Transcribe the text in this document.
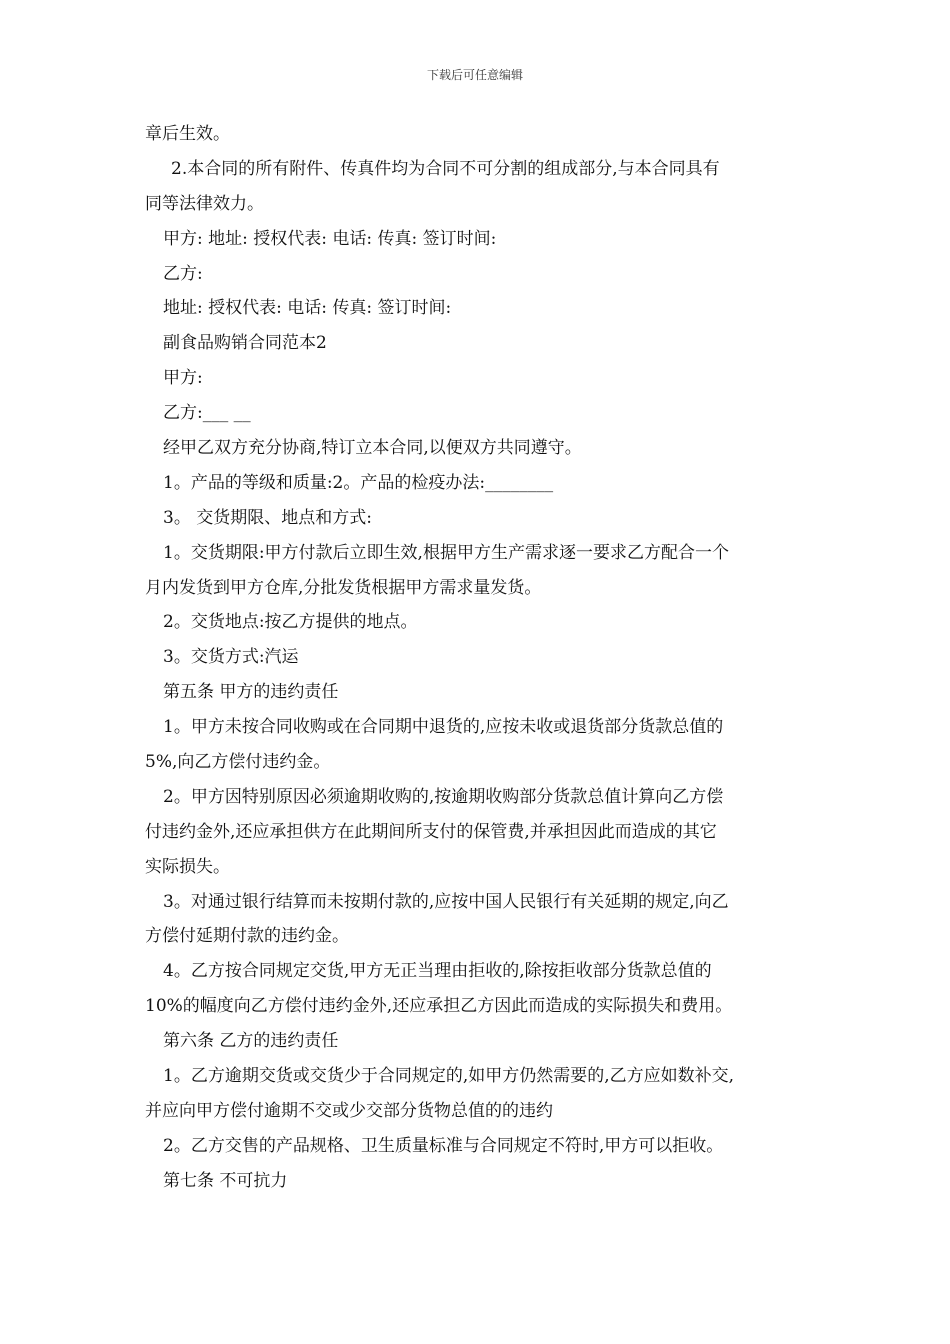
下载后可任意编辑
章后生效。
2.本合同的所有附件、传真件均为合同不可分割的组成部分,与本合同具有
同等法律效力。
甲方: 地址: 授权代表: 电话: 传真: 签订时间:
乙方:
地址: 授权代表: 电话: 传真: 签订时间:
副食品购销合同范本2
甲方:
乙方:___ __
经甲乙双方充分协商,特订立本合同,以便双方共同遵守。
1。产品的等级和质量:2。产品的检疫办法:________
3。 交货期限、地点和方式:
1。交货期限:甲方付款后立即生效,根据甲方生产需求逐一要求乙方配合一个
月内发货到甲方仓库,分批发货根据甲方需求量发货。
2。交货地点:按乙方提供的地点。
3。交货方式:汽运
第五条 甲方的违约责任
1。甲方未按合同收购或在合同期中退货的,应按未收或退货部分货款总值的
5%,向乙方偿付违约金。
2。甲方因特别原因必须逾期收购的,按逾期收购部分货款总值计算向乙方偿
付违约金外,还应承担供方在此期间所支付的保管费,并承担因此而造成的其它
实际损失。
3。对通过银行结算而未按期付款的,应按中国人民银行有关延期的规定,向乙
方偿付延期付款的违约金。
4。乙方按合同规定交货,甲方无正当理由拒收的,除按拒收部分货款总值的
10%的幅度向乙方偿付违约金外,还应承担乙方因此而造成的实际损失和费用。
第六条 乙方的违约责任
1。乙方逾期交货或交货少于合同规定的,如甲方仍然需要的,乙方应如数补交,
并应向甲方偿付逾期不交或少交部分货物总值的的违约
2。乙方交售的产品规格、卫生质量标准与合同规定不符时,甲方可以拒收。
第七条 不可抗力
